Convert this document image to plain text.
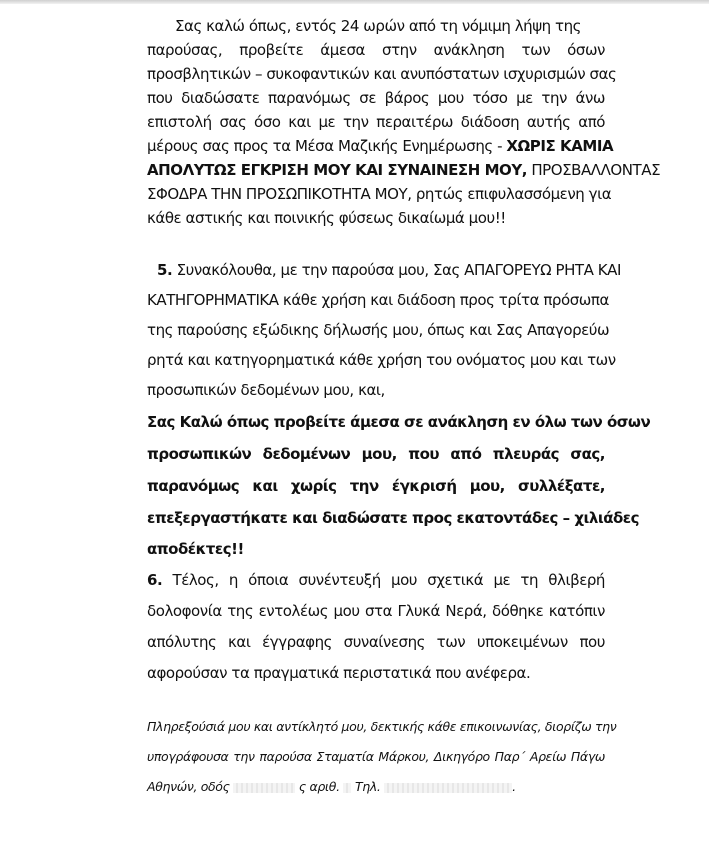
Σας καλώ όπως, εντός 24 ωρών από τη νόμιμη λήψη της
παρούσας, προβείτε άμεσα στην ανάκληση των όσων
προσβλητικών – συκοφαντικών και ανυπόστατων ισχυρισμών σας
που διαδώσατε παρανόμως σε βάρος μου τόσο με την άνω
επιστολή σας όσο και με την περαιτέρω διάδοση αυτής από
μέρους σας προς τα Μέσα Μαζικής Ενημέρωσης - ΧΩΡΙΣ ΚΑΜΙΑ
ΑΠΟΛΥΤΩΣ ΕΓΚΡΙΣΗ ΜΟΥ ΚΑΙ ΣΥΝΑΙΝΕΣΗ ΜΟΥ, ΠΡΟΣΒΑΛΛΟΝΤΑΣ
ΣΦΟΔΡΑ ΤΗΝ ΠΡΟΣΩΠΙΚΟΤΗΤΑ ΜΟΥ, ρητώς επιφυλασσόμενη για
κάθε αστικής και ποινικής φύσεως δικαίωμά μου!!
5. Συνακόλουθα, με την παρούσα μου, Σας ΑΠΑΓΟΡΕΥΩ ΡΗΤΑ ΚΑΙ
ΚΑΤΗΓΟΡΗΜΑΤΙΚΑ κάθε χρήση και διάδοση προς τρίτα πρόσωπα
της παρούσης εξώδικης δήλωσής μου, όπως και Σας Απαγορεύω
ρητά και κατηγορηματικά κάθε χρήση του ονόματος μου και των
προσωπικών δεδομένων μου, και,
Σας Καλώ όπως προβείτε άμεσα σε ανάκληση εν όλω των όσων
προσωπικών δεδομένων μου, που από πλευράς σας,
παρανόμως και χωρίς την έγκρισή μου, συλλέξατε,
επεξεργαστήκατε και διαδώσατε προς εκατοντάδες – χιλιάδες
αποδέκτες!!
6. Τέλος, η όποια συνέντευξή μου σχετικά με τη θλιβερή
δολοφονία της εντολέως μου στα Γλυκά Νερά, δόθηκε κατόπιν
απόλυτης και έγγραφης συναίνεσης των υποκειμένων που
αφορούσαν τα πραγματικά περιστατικά που ανέφερα.
Πληρεξούσιά μου και αντίκλητό μου, δεκτικής κάθε επικοινωνίας, διορίζω την
υπογράφουσα την παρούσα Σταματία Μάρκου, Δικηγόρο Παρ΄ Αρείω Πάγω
Αθηνών, οδός	ς αριθ. Τηλ.	.
